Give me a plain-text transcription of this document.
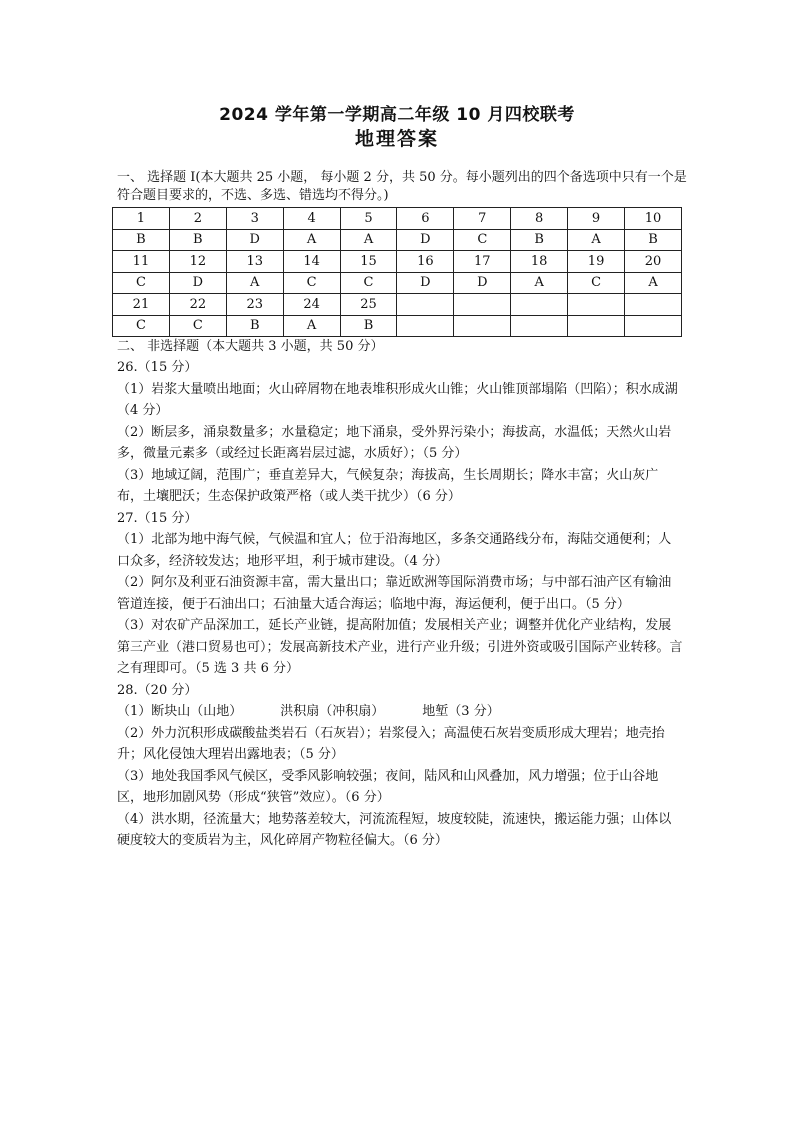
2024 学年第一学期高二年级 10 月四校联考
地理答案
一、 选择题 I(本大题共 25 小题， 每小题 2 分，共 50 分。每小题列出的四个备选项中只有一个是符合题目要求的，不选、多选、错选均不得分。)
1	2	3	4	5	6	7	8	9	10
B	B	D	A	A	D	C	B	A	B
11	12	13	14	15	16	17	18	19	20
C	D	A	C	C	D	D	A	C	A
21	22	23	24	25					
C	C	B	A	B					
二、 非选择题（本大题共 3 小题，共 50 分）

26.（15 分）

（1）岩浆大量喷出地面；火山碎屑物在地表堆积形成火山锥；火山锥顶部塌陷（凹陷）；积水成湖（4 分）

（2）断层多，涌泉数量多；水量稳定；地下涌泉，受外界污染小；海拔高，水温低；天然火山岩多，微量元素多（或经过长距离岩层过滤，水质好）；（5 分）

（3）地域辽阔，范围广；垂直差异大，气候复杂；海拔高，生长周期长；降水丰富；火山灰广布，土壤肥沃；生态保护政策严格（或人类干扰少）（6 分）

27.（15 分）

（1）北部为地中海气候，气候温和宜人；位于沿海地区，多条交通路线分布，海陆交通便利；人口众多，经济较发达；地形平坦，利于城市建设。（4 分）

（2）阿尔及利亚石油资源丰富，需大量出口；靠近欧洲等国际消费市场；与中部石油产区有输油管道连接，便于石油出口；石油量大适合海运；临地中海，海运便利，便于出口。（5 分）

（3）对农矿产品深加工，延长产业链，提高附加值；发展相关产业；调整并优化产业结构，发展第三产业（港口贸易也可）；发展高新技术产业，进行产业升级；引进外资或吸引国际产业转移。言之有理即可。（5 选 3 共 6 分）

28.（20 分）

（1）断块山（山地）	洪积扇（冲积扇）	地堑（3 分）

（2）外力沉积形成碳酸盐类岩石（石灰岩）；岩浆侵入；高温使石灰岩变质形成大理岩；地壳抬升；风化侵蚀大理岩出露地表；（5 分）

（3）地处我国季风气候区，受季风影响较强；夜间，陆风和山风叠加，风力增强；位于山谷地区，地形加剧风势（形成“狭管”效应）。（6 分）

（4）洪水期，径流量大；地势落差较大，河流流程短，坡度较陡，流速快，搬运能力强；山体以硬度较大的变质岩为主，风化碎屑产物粒径偏大。（6 分）
